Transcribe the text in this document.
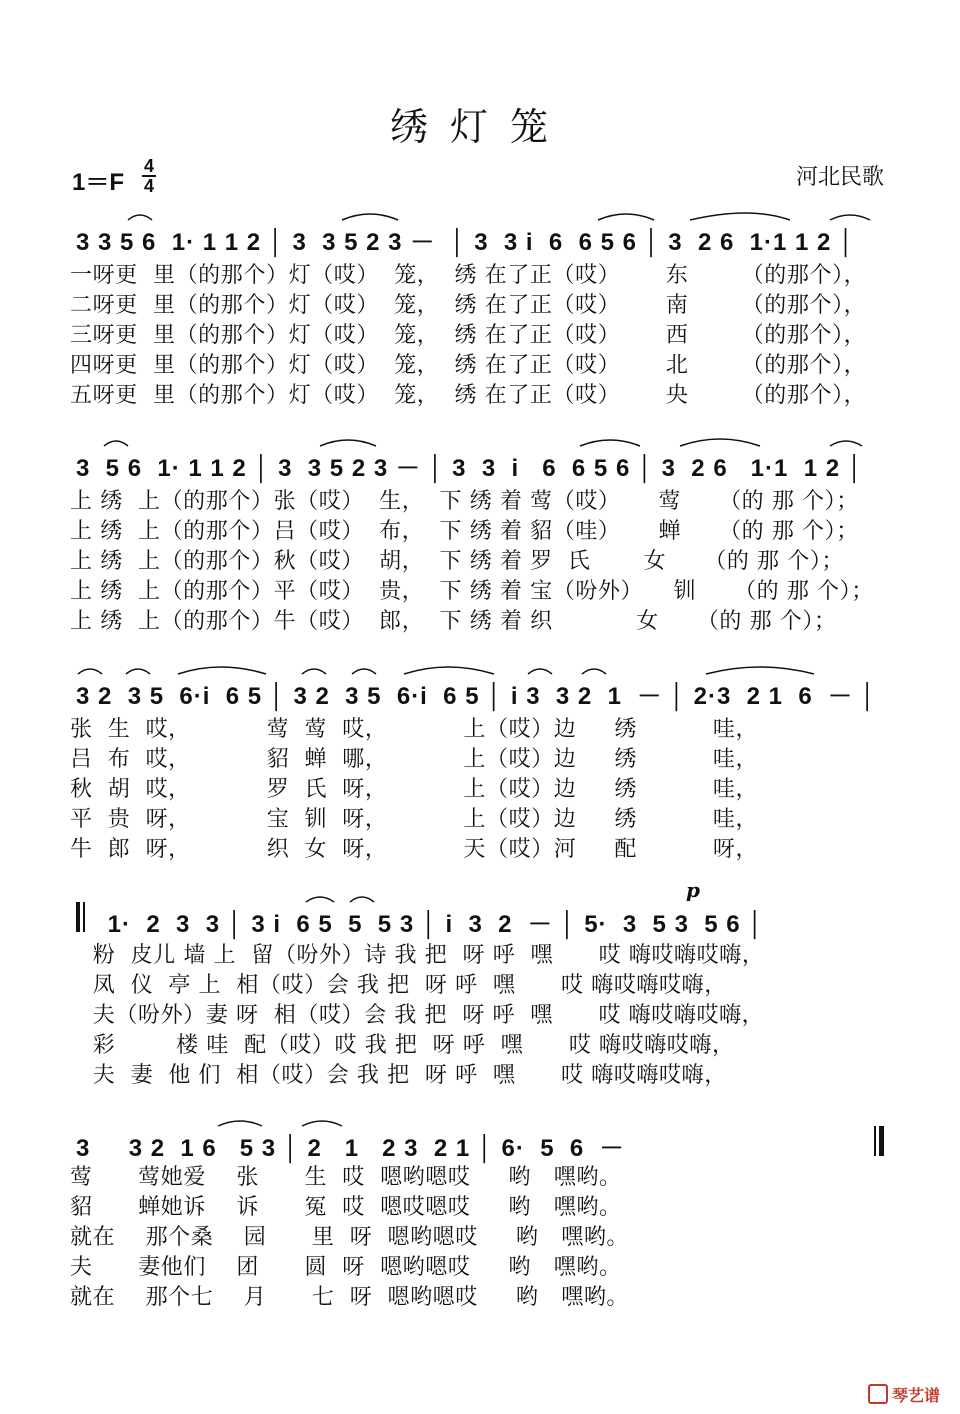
绣灯笼
1＝F
4
4	河北民歌
3 3 5 6  1· 1 1 2 │ 3  3 5 2 3 －  │ 3  3 i  6  6 5 6 │ 3  2 6  1·1 1 2 │
一呀更  里（的那个）灯（哎）  笼，  绣 在了正（哎）      东       （的那个），
二呀更  里（的那个）灯（哎）  笼，  绣 在了正（哎）      南       （的那个），
三呀更  里（的那个）灯（哎）  笼，  绣 在了正（哎）      西       （的那个），
四呀更  里（的那个）灯（哎）  笼，  绣 在了正（哎）      北       （的那个），
五呀更  里（的那个）灯（哎）  笼，  绣 在了正（哎）      央       （的那个），
3  5 6  1· 1 1 2 │ 3  3 5 2 3 － │ 3  3  i   6  6 5 6 │ 3  2 6   1·1  1 2 │
上 绣  上（的那个）张（哎）  生，  下 绣 着 莺（哎）     莺     （的 那 个）；
上 绣  上（的那个）吕（哎）  布，  下 绣 着 貂（哇）     蝉     （的 那 个）；
上 绣  上（的那个）秋（哎）  胡，  下 绣 着 罗  氏       女     （的 那 个）；
上 绣  上（的那个）平（哎）  贵，  下 绣 着 宝（吩外）    钏     （的 那 个）；
上 绣  上（的那个）牛（哎）  郎，  下 绣 着 织           女     （的 那 个）；
3 2  3 5  6·i  6 5 │ 3 2  3 5  6·i  6 5 │ i 3  3 2  1  － │ 2·3  2 1  6  － │
张  生  哎，          莺  莺  哎，          上（哎）边     绣          哇，
吕  布  哎，          貂  蝉  哪，          上（哎）边     绣          哇，
秋  胡  哎，          罗  氏  呀，          上（哎）边     绣          哇，
平  贵  呀，          宝  钏  呀，          上（哎）边     绣          哇，
牛  郎  呀，          织  女  呀，          天（哎）河     配          呀，
p
1·  2  3  3 │ 3 i  6 5  5  5 3 │ i  3  2  － │ 5·  3  5 3  5 6 │
粉  皮儿 墙 上  留（吩外）诗 我 把  呀 呼  嘿      哎 嗨哎嗨哎嗨，
凤  仪  亭 上  相（哎）会 我 把  呀 呼  嘿      哎 嗨哎嗨哎嗨，
夫（吩外）妻 呀  相（哎）会 我 把  呀 呼  嘿      哎 嗨哎嗨哎嗨，
彩        楼 哇  配（哎）哎 我 把  呀 呼  嘿      哎 嗨哎嗨哎嗨，
夫  妻  他 们  相（哎）会 我 把  呀 呼  嘿      哎 嗨哎嗨哎嗨，
3     3 2  1 6   5 3 │ 2   1   2 3  2 1 │ 6·  5  6  －
莺      莺她爱    张      生  哎  嗯哟嗯哎     哟   嘿哟。
貂      蝉她诉    诉      冤  哎  嗯哎嗯哎     哟   嘿哟。
就在    那个桑    园      里  呀  嗯哟嗯哎     哟   嘿哟。
夫      妻他们    团      圆  呀  嗯哟嗯哎     哟   嘿哟。
就在    那个七    月      七  呀  嗯哟嗯哎     哟   嘿哟。
琴艺谱
